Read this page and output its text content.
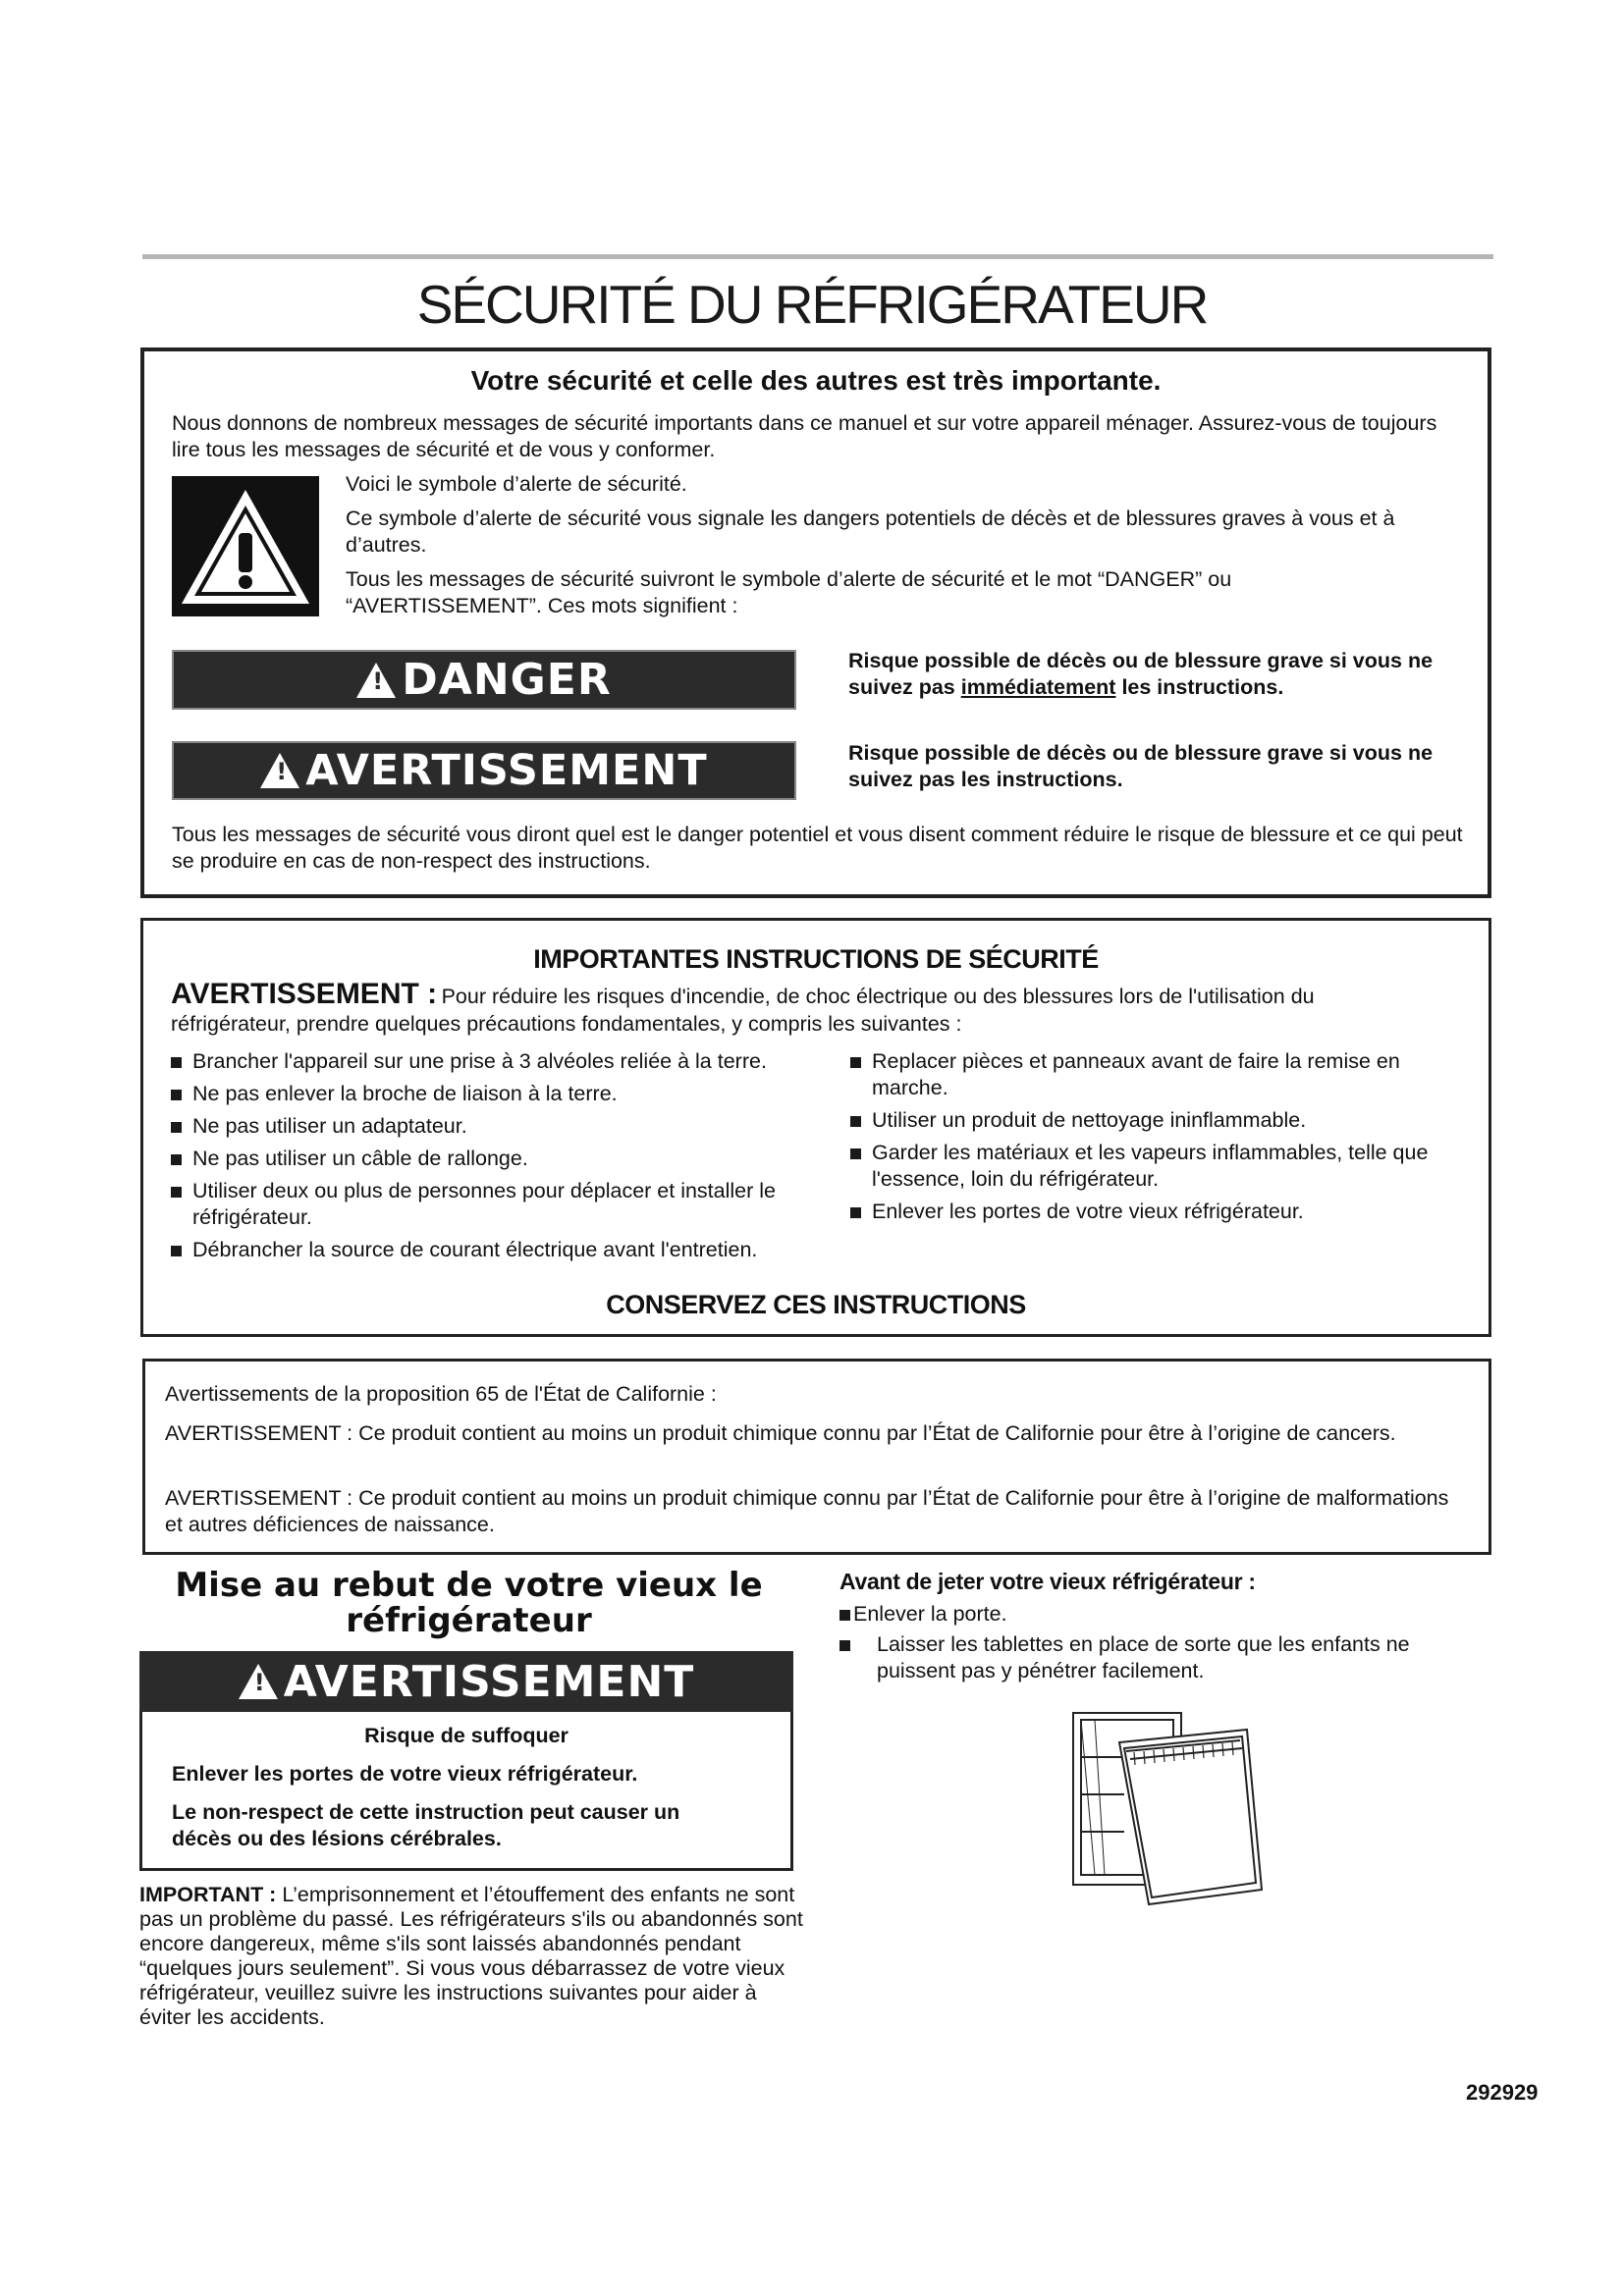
SÉCURITÉ DU RÉFRIGÉRATEUR
Votre sécurité et celle des autres est très importante.
Nous donnons de nombreux messages de sécurité importants dans ce manuel et sur votre appareil ménager. Assurez-vous de toujours lire tous les messages de sécurité et de vous y conformer.
Voici le symbole d’alerte de sécurité.
Ce symbole d’alerte de sécurité vous signale les dangers potentiels de décès et de blessures graves à vous et à d’autres.
Tous les messages de sécurité suivront le symbole d’alerte de sécurité et le mot “DANGER” ou “AVERTISSEMENT”. Ces mots signifient :
!
DANGER	Risque possible de décès ou de blessure grave si vous ne suivez pas immédiatement les instructions.
!
AVERTISSEMENT	Risque possible de décès ou de blessure grave si vous ne suivez pas les instructions.
Tous les messages de sécurité vous diront quel est le danger potentiel et vous disent comment réduire le risque de blessure et ce qui peut se produire en cas de non-respect des instructions.
IMPORTANTES INSTRUCTIONS DE SÉCURITÉ
AVERTISSEMENT : Pour réduire les risques d'incendie, de choc électrique ou des blessures lors de l'utilisation du
réfrigérateur, prendre quelques précautions fondamentales, y compris les suivantes :
Brancher l'appareil sur une prise à 3 alvéoles reliée à la terre.
Ne pas enlever la broche de liaison à la terre.
Ne pas utiliser un adaptateur.
Ne pas utiliser un câble de rallonge.
Utiliser deux ou plus de personnes pour déplacer et installer le réfrigérateur.
Débrancher la source de courant électrique avant l'entretien.
Replacer pièces et panneaux avant de faire la remise en marche.
Utiliser un produit de nettoyage ininflammable.
Garder les matériaux et les vapeurs inflammables, telle que l'essence, loin du réfrigérateur.
Enlever les portes de votre vieux réfrigérateur.
CONSERVEZ CES INSTRUCTIONS
Avertissements de la proposition 65 de l'État de Californie :
AVERTISSEMENT : Ce produit contient au moins un produit chimique connu par l’État de Californie pour être à l’origine de cancers.
AVERTISSEMENT : Ce produit contient au moins un produit chimique connu par l’État de Californie pour être à l’origine de malformations et autres déficiences de naissance.
Mise au rebut de votre vieux le réfrigérateur
!
AVERTISSEMENT
Risque de suffoquer
Enlever les portes de votre vieux réfrigérateur.
Le non-respect de cette instruction peut causer un décès ou des lésions cérébrales.
IMPORTANT : L’emprisonnement et l’étouffement des enfants ne sont pas un problème du passé. Les réfrigérateurs s'ils ou abandonnés sont encore dangereux, même s'ils sont laissés abandonnés pendant “quelques jours seulement”. Si vous vous débarrassez de votre vieux réfrigérateur, veuillez suivre les instructions suivantes pour aider à éviter les accidents.
Avant de jeter votre vieux réfrigérateur :
Enlever la porte.
Laisser les tablettes en place de sorte que les enfants ne puissent pas y pénétrer facilement.
292929
